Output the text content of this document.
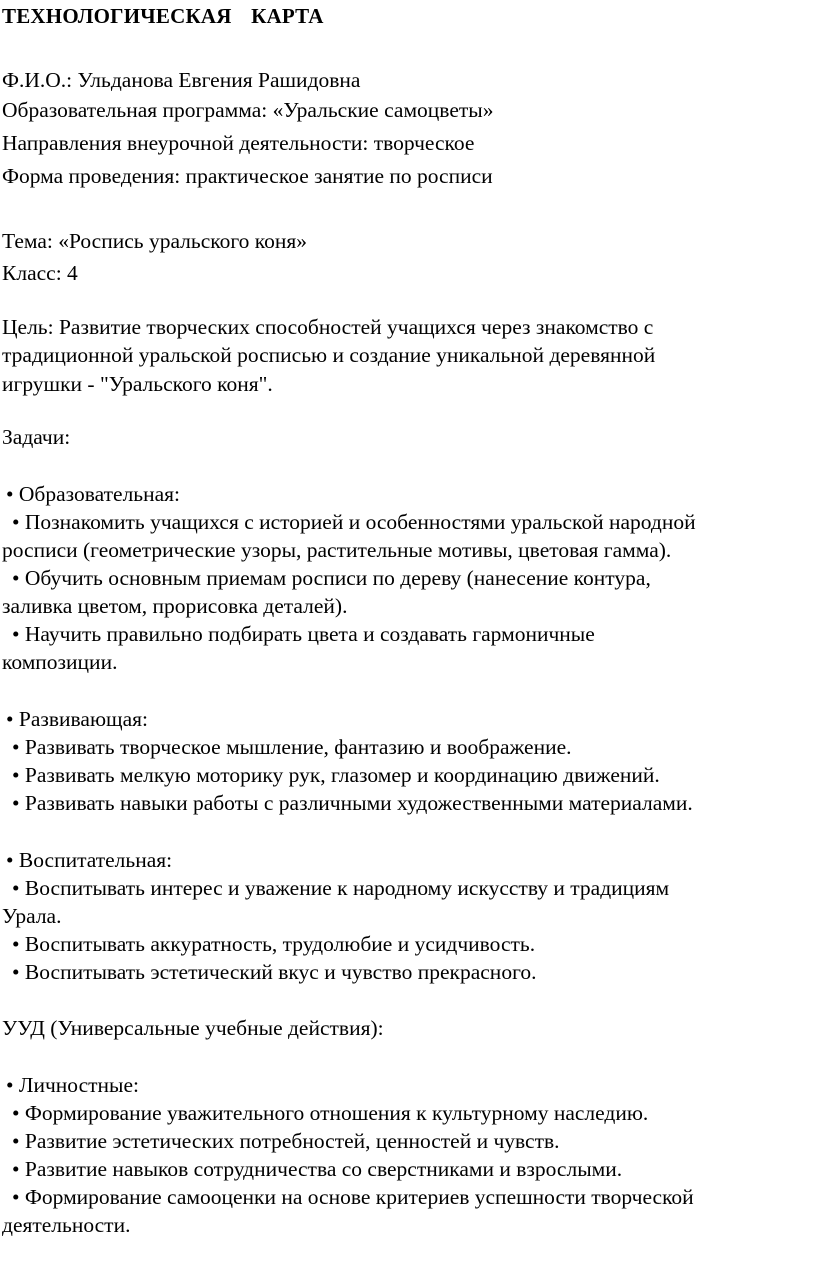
ТЕХНОЛОГИЧЕСКАЯ КАРТА
Ф.И.О.: Ульданова Евгения Рашидовна
Образовательная программа: «Уральские самоцветы»
Направления внеурочной деятельности: творческое
Форма проведения: практическое занятие по росписи
Тема: «Роспись уральского коня»
Класс: 4
Цель: Развитие творческих способностей учащихся через знакомство с
традиционной уральской росписью и создание уникальной деревянной
игрушки - "Уральского коня".
Задачи:
• Образовательная:
• Познакомить учащихся с историей и особенностями уральской народной
росписи (геометрические узоры, растительные мотивы, цветовая гамма).
• Обучить основным приемам росписи по дереву (нанесение контура,
заливка цветом, прорисовка деталей).
• Научить правильно подбирать цвета и создавать гармоничные
композиции.
• Развивающая:
• Развивать творческое мышление, фантазию и воображение.
• Развивать мелкую моторику рук, глазомер и координацию движений.
• Развивать навыки работы с различными художественными материалами.
• Воспитательная:
• Воспитывать интерес и уважение к народному искусству и традициям
Урала.
• Воспитывать аккуратность, трудолюбие и усидчивость.
• Воспитывать эстетический вкус и чувство прекрасного.
УУД (Универсальные учебные действия):
• Личностные:
• Формирование уважительного отношения к культурному наследию.
• Развитие эстетических потребностей, ценностей и чувств.
• Развитие навыков сотрудничества со сверстниками и взрослыми.
• Формирование самооценки на основе критериев успешности творческой
деятельности.
